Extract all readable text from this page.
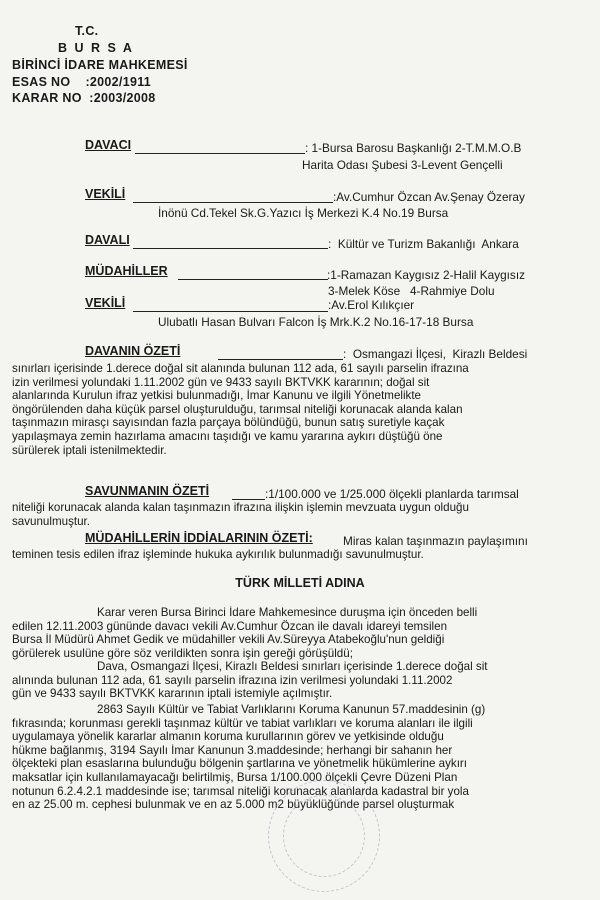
T.C.
B U R S A
BİRİNCİ İDARE MAHKEMESİ
ESAS NO    :2002/1911
KARAR NO  :2003/2008
DAVACI	: 1-Bursa Barosu Başkanlığı 2-T.M.M.O.B
Harita Odası Şubesi 3-Levent Gençelli
VEKİLİ	:Av.Cumhur Özcan Av.Şenay Özeray
İnönü Cd.Tekel Sk.G.Yazıcı İş Merkezi K.4 No.19 Bursa
DAVALI	:  Kültür ve Turizm Bakanlığı  Ankara
MÜDAHİLLER	:1-Ramazan Kaygısız 2-Halil Kaygısız
3-Melek Köse   4-Rahmiye Dolu
VEKİLİ	:Av.Erol Kılıkçıer
Ulubatlı Hasan Bulvarı Falcon İş Mrk.K.2 No.16-17-18 Bursa
DAVANIN ÖZETİ	:  Osmangazi İlçesi,  Kirazlı Beldesi
sınırları içerisinde 1.derece doğal sit alanında bulunan 112 ada, 61 sayılı parselin ifrazına
izin verilmesi yolundaki 1.11.2002 gün ve 9433 sayılı BKTVKK kararının; doğal sit
alanlarında Kurulun ifraz yetkisi bulunmadığı, İmar Kanunu ve ilgili Yönetmelikte
öngörülenden daha küçük parsel oluşturulduğu, tarımsal niteliği korunacak alanda kalan
taşınmazın mirasçı sayısından fazla parçaya bölündüğü, bunun satış suretiyle kaçak
yapılaşmaya zemin hazırlama amacını taşıdığı ve kamu yararına aykırı düştüğü öne
sürülerek iptali istenilmektedir.
SAVUNMANIN ÖZETİ	:1/100.000 ve 1/25.000 ölçekli planlarda tarımsal
niteliği korunacak alanda kalan taşınmazın ifrazına ilişkin işlemin mevzuata uygun olduğu
savunulmuştur.
MÜDAHİLLERİN İDDİALARININ ÖZETİ:	Miras kalan taşınmazın paylaşımını
teminen tesis edilen ifraz işleminde hukuka aykırılık bulunmadığı savunulmuştur.
TÜRK MİLLETİ ADINA
Karar veren Bursa Birinci İdare Mahkemesince duruşma için önceden belli
edilen 12.11.2003 gününde davacı vekili Av.Cumhur Özcan ile davalı idareyi temsilen
Bursa İl Müdürü Ahmet Gedik ve müdahiller vekili Av.Süreyya Atabekoğlu'nun geldiği
görülerek usulüne göre söz verildikten sonra işin gereği görüşüldü;
Dava, Osmangazi İlçesi, Kirazlı Beldesi sınırları içerisinde 1.derece doğal sit
alınında bulunan 112 ada, 61 sayılı parselin ifrazına izin verilmesi yolundaki 1.11.2002
gün ve 9433 sayılı BKTVKK kararının iptali istemiyle açılmıştır.
2863 Sayılı Kültür ve Tabiat Varlıklarını Koruma Kanunun 57.maddesinin (g)
fıkrasında; korunması gerekli taşınmaz kültür ve tabiat varlıkları ve koruma alanları ile ilgili
uygulamaya yönelik kararlar almanın koruma kurullarının görev ve yetkisinde olduğu
hükme bağlanmış, 3194 Sayılı İmar Kanunun 3.maddesinde; herhangi bir sahanın her
ölçekteki plan esaslarına bulunduğu bölgenin şartlarına ve yönetmelik hükümlerine aykırı
maksatlar için kullanılamayacağı belirtilmiş, Bursa 1/100.000 ölçekli Çevre Düzeni Plan
notunun 6.2.4.2.1 maddesinde ise; tarımsal niteliği korunacak alanlarda kadastral bir yola
en az 25.00 m. cephesi bulunmak ve en az 5.000 m2 büyüklüğünde parsel oluşturmak
